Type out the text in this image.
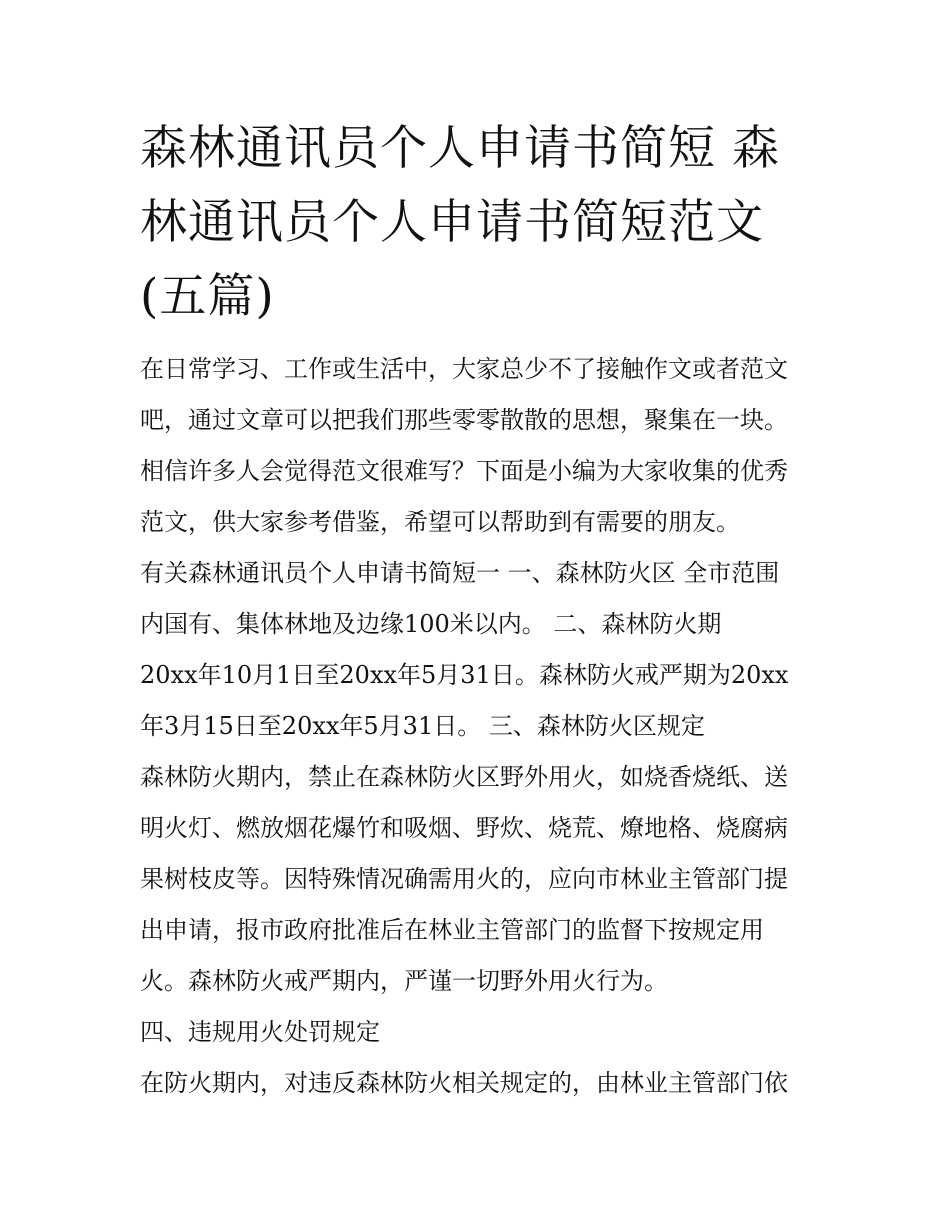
森林通讯员个人申请书简短 森
林通讯员个人申请书简短范文
(五篇)

在日常学习、工作或生活中，大家总少不了接触作文或者范文

吧，通过文章可以把我们那些零零散散的思想，聚集在一块。

相信许多人会觉得范文很难写？下面是小编为大家收集的优秀

范文，供大家参考借鉴，希望可以帮助到有需要的朋友。

有关森林通讯员个人申请书简短一 一、森林防火区 全市范围

内国有、集体林地及边缘100米以内。 二、森林防火期

20xx年10月1日至20xx年5月31日。森林防火戒严期为20xx

年3月15日至20xx年5月31日。 三、森林防火区规定

森林防火期内，禁止在森林防火区野外用火，如烧香烧纸、送

明火灯、燃放烟花爆竹和吸烟、野炊、烧荒、燎地格、烧腐病

果树枝皮等。因特殊情况确需用火的，应向市林业主管部门提

出申请，报市政府批准后在林业主管部门的监督下按规定用

火。森林防火戒严期内，严谨一切野外用火行为。

四、违规用火处罚规定

在防火期内，对违反森林防火相关规定的，由林业主管部门依
